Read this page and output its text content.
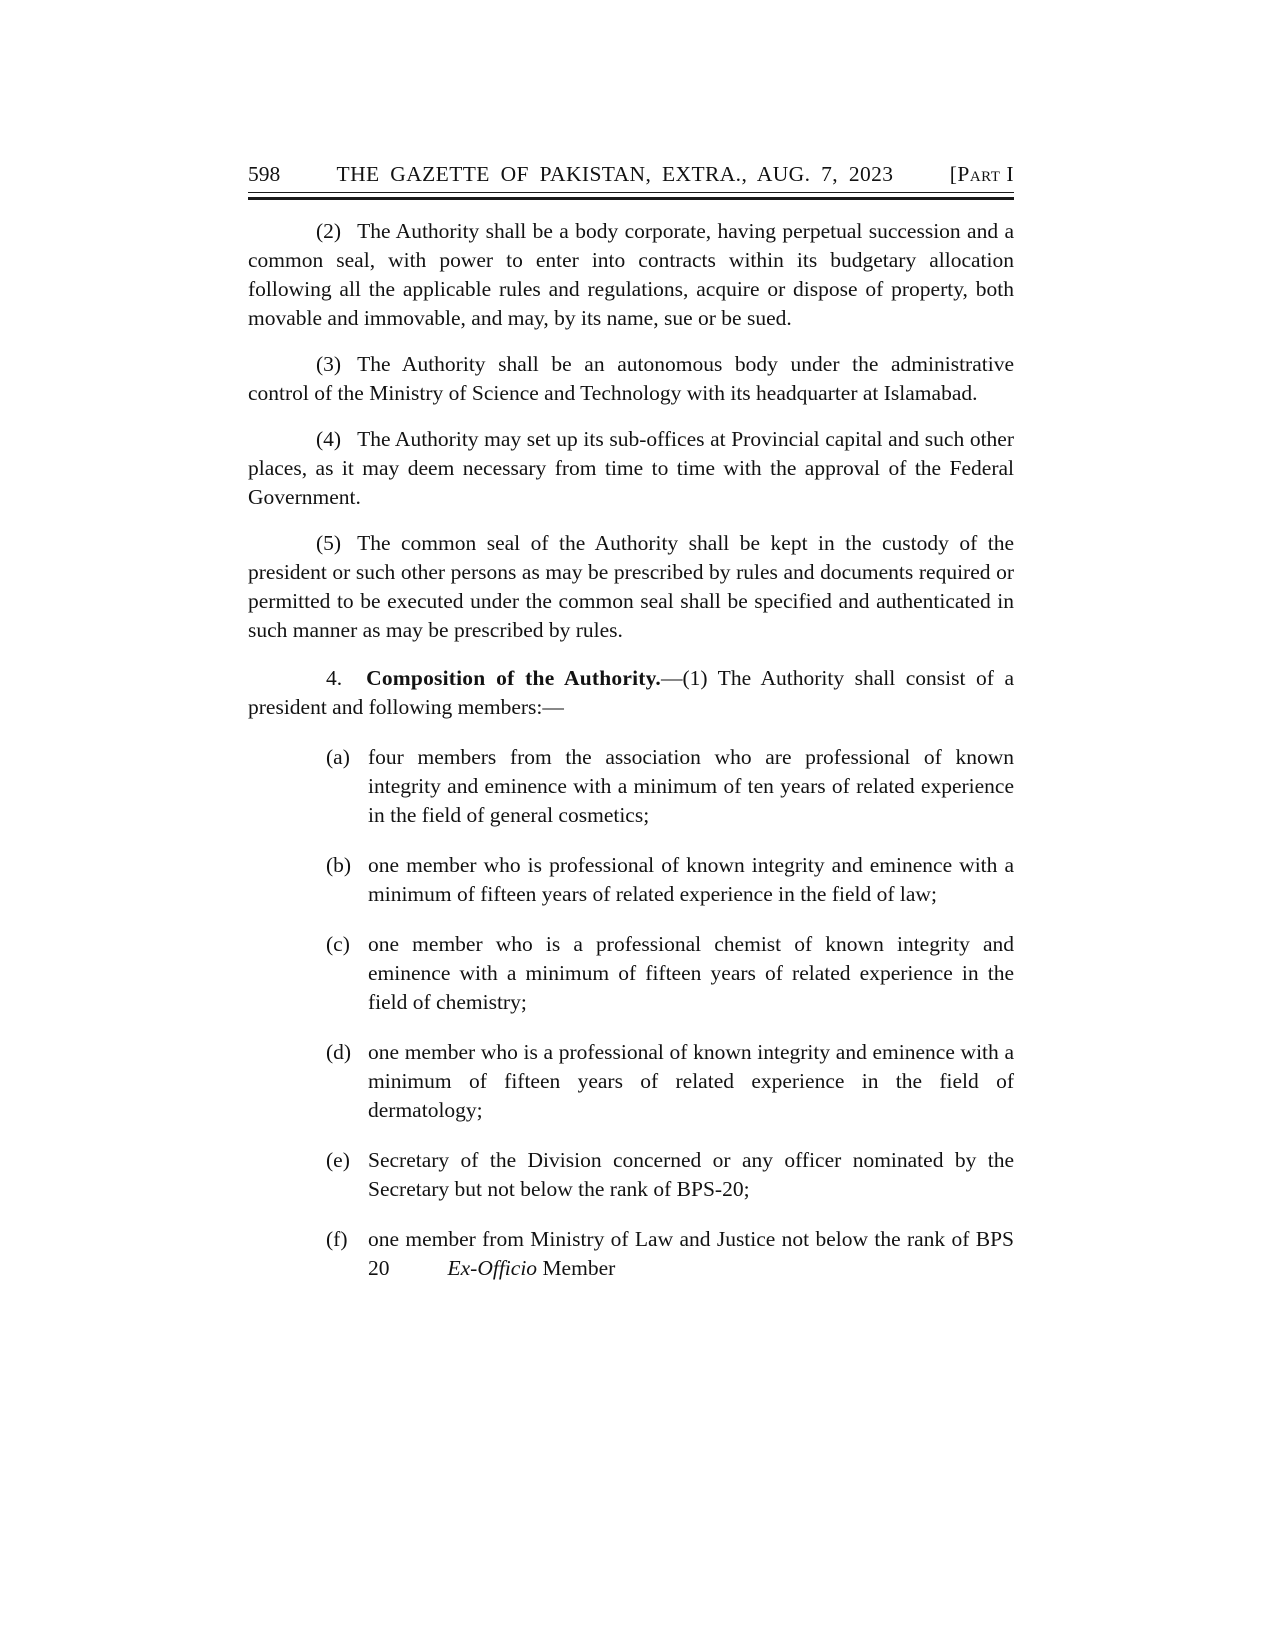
598	THE GAZETTE OF PAKISTAN, EXTRA., AUG. 7, 2023	[Part I

(2) The Authority shall be a body corporate, having perpetual succession and a common seal, with power to enter into contracts within its budgetary allocation following all the applicable rules and regulations, acquire or dispose of property, both movable and immovable, and may, by its name, sue or be sued.

(3) The Authority shall be an autonomous body under the administrative control of the Ministry of Science and Technology with its headquarter at Islamabad.

(4) The Authority may set up its sub-offices at Provincial capital and such other places, as it may deem necessary from time to time with the approval of the Federal Government.

(5) The common seal of the Authority shall be kept in the custody of the president or such other persons as may be prescribed by rules and documents required or permitted to be executed under the common seal shall be specified and authenticated in such manner as may be prescribed by rules.

4. Composition of the Authority.—(1) The Authority shall consist of a president and following members:—

(a) four members from the association who are professional of known integrity and eminence with a minimum of ten years of related experience in the field of general cosmetics;
(b) one member who is professional of known integrity and eminence with a minimum of fifteen years of related experience in the field of law;
(c) one member who is a professional chemist of known integrity and eminence with a minimum of fifteen years of related experience in the field of chemistry;
(d) one member who is a professional of known integrity and eminence with a minimum of fifteen years of related experience in the field of dermatology;
(e) Secretary of the Division concerned or any officer nominated by the Secretary but not below the rank of BPS-20;
(f) one member from Ministry of Law and Justice not below the rank of BPS 20	Ex-Officio Member
